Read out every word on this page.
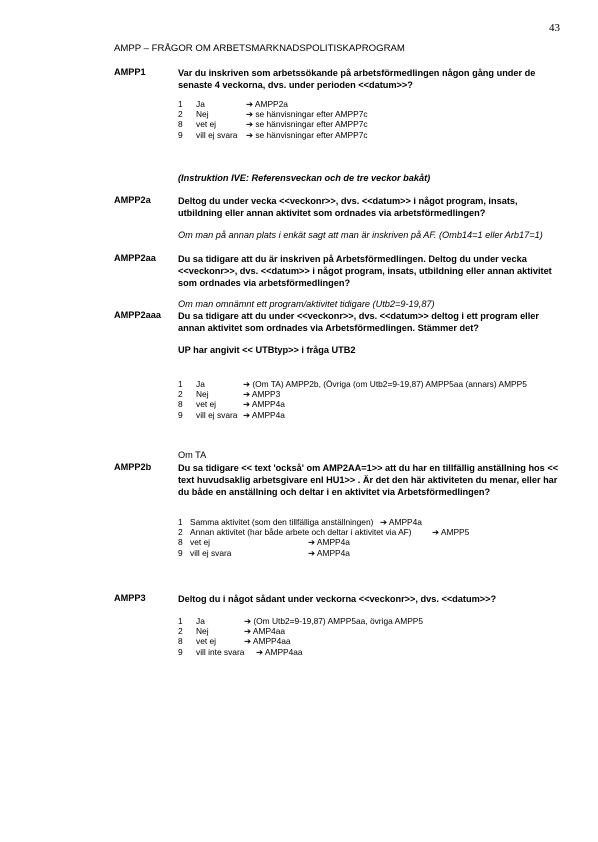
43
AMPP – FRÅGOR OM ARBETSMARKNADSPOLITISKAPROGRAM
AMPP1	Var du inskriven som arbetssökande på arbetsförmedlingen någon gång under de senaste 4 veckorna, dvs. under perioden <<datum>>?
1 Ja	➔ AMPP2a
2 Nej	➔ se hänvisningar efter AMPP7c
8 vet ej	➔ se hänvisningar efter AMPP7c
9 vill ej svara ➔ se hänvisningar efter AMPP7c
(Instruktion IVE: Referensveckan och de tre veckor bakåt)
AMPP2a	Deltog du under vecka <<veckonr>>, dvs. <<datum>> i något program, insats, utbildning eller annan aktivitet som ordnades via arbetsförmedlingen?
Om man på annan plats i enkät sagt att man är inskriven på AF. (Omb14=1 eller Arb17=1)
AMPP2aa Du sa tidigare att du är inskriven på Arbetsförmedlingen. Deltog du under vecka <<veckonr>>, dvs. <<datum>> i något program, insats, utbildning eller annan aktivitet som ordnades via arbetsförmedlingen?
Om man omnämnt ett program/aktivitet tidigare (Utb2=9-19,87)
AMPP2aaa Du sa tidigare att du under <<veckonr>>, dvs. <<datum>> deltog i ett program eller annan aktivitet som ordnades via Arbetsförmedlingen. Stämmer det?
UP har angivit << UTBtyp>> i fråga UTB2
1 Ja	➔ (Om TA) AMPP2b, (Övriga (om Utb2=9-19,87) AMPP5aa (annars) AMPP5
2 Nej	➔ AMPP3
8 vet ej	➔ AMPP4a
9 vill ej svara ➔ AMPP4a
Om TA
AMPP2b	Du sa tidigare << text 'också' om AMP2AA=1>> att du har en tillfällig anställning hos << text huvudsaklig arbetsgivare enl HU1>> . Är det den här aktiviteten du menar, eller har du både en anställning och deltar i en aktivitet via Arbetsförmedlingen?
1 Samma aktivitet (som den tillfälliga anställningen) ➔ AMPP4a
2 Annan aktivitet (har både arbete och deltar i aktivitet via AF) ➔ AMPP5
8 vet ej	➔ AMPP4a
9 vill ej svara	➔ AMPP4a
AMPP3	Deltog du i något sådant under veckorna <<veckonr>>, dvs. <<datum>>?
1 Ja	➔ (Om Utb2=9-19,87) AMPP5aa, övriga AMPP5
2 Nej	➔ AMP4aa
8 vet ej	➔ AMPP4aa
9 vill inte svara ➔ AMPP4aa
